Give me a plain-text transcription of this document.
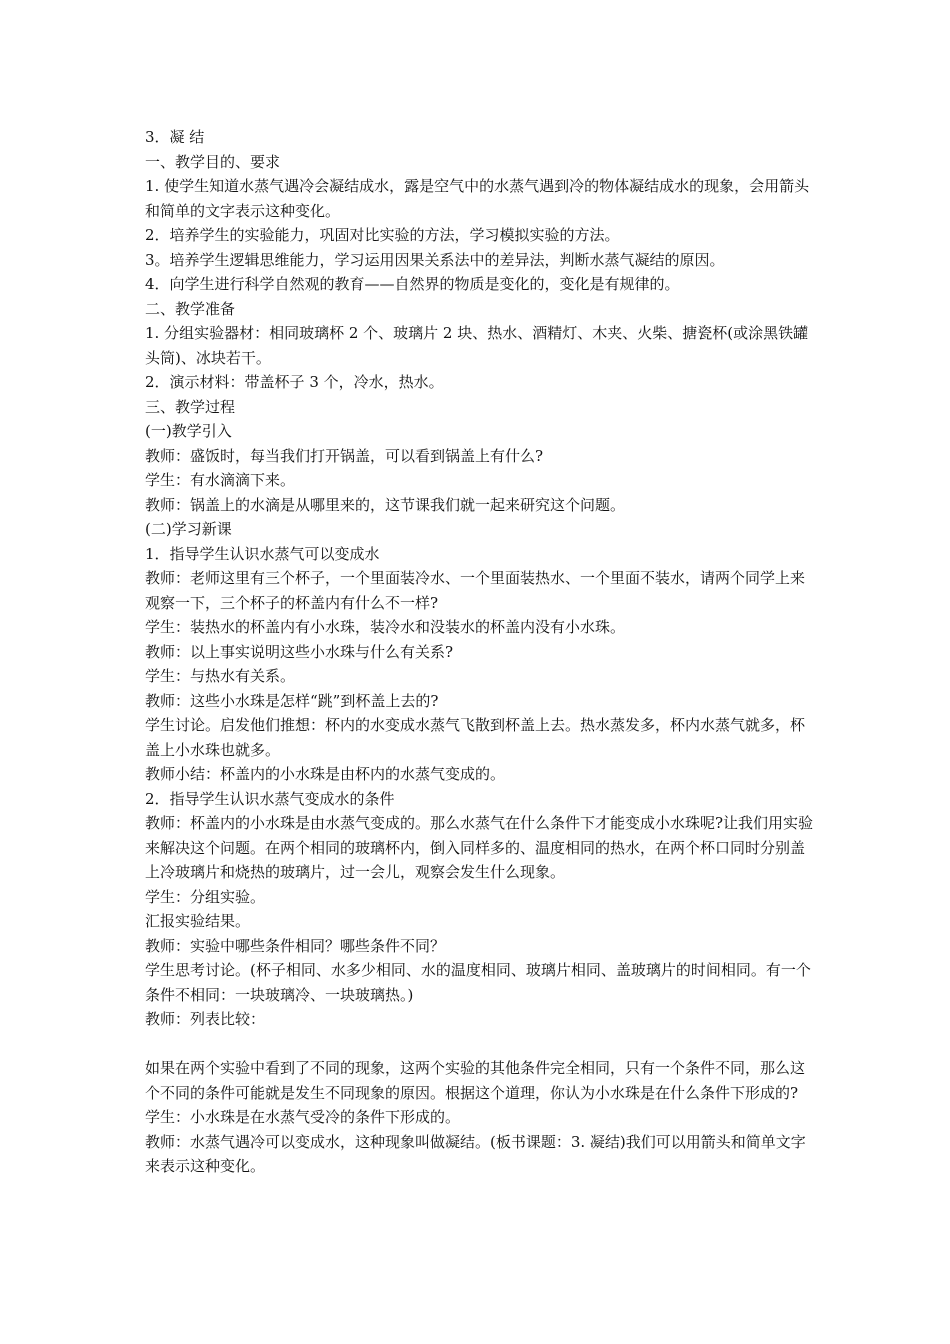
3．凝 结

一、教学目的、要求

1. 使学生知道水蒸气遇冷会凝结成水，露是空气中的水蒸气遇到冷的物体凝结成水的现象，会用箭头和简单的文字表示这种变化。

2．培养学生的实验能力，巩固对比实验的方法，学习模拟实验的方法。

3。培养学生逻辑思维能力，学习运用因果关系法中的差异法，判断水蒸气凝结的原因。

4．向学生进行科学自然观的教育——自然界的物质是变化的，变化是有规律的。

二、教学准备

1. 分组实验器材：相同玻璃杯 2 个、玻璃片 2 块、热水、酒精灯、木夹、火柴、搪瓷杯(或涂黑铁罐头筒)、冰块若干。

2．演示材料：带盖杯子 3 个，冷水，热水。

三、教学过程

(一)教学引入

教师：盛饭时，每当我们打开锅盖，可以看到锅盖上有什么?

学生：有水滴滴下来。

教师：锅盖上的水滴是从哪里来的，这节课我们就一起来研究这个问题。

(二)学习新课

1．指导学生认识水蒸气可以变成水

教师：老师这里有三个杯子，一个里面装冷水、一个里面装热水、一个里面不装水，请两个同学上来观察一下，三个杯子的杯盖内有什么不一样?

学生：装热水的杯盖内有小水珠，装冷水和没装水的杯盖内没有小水珠。

教师：以上事实说明这些小水珠与什么有关系?

学生：与热水有关系。

教师：这些小水珠是怎样“跳”到杯盖上去的?

学生讨论。启发他们推想：杯内的水变成水蒸气飞散到杯盖上去。热水蒸发多，杯内水蒸气就多，杯盖上小水珠也就多。

教师小结：杯盖内的小水珠是由杯内的水蒸气变成的。

2．指导学生认识水蒸气变成水的条件

教师：杯盖内的小水珠是由水蒸气变成的。那么水蒸气在什么条件下才能变成小水珠呢?让我们用实验来解决这个问题。在两个相同的玻璃杯内，倒入同样多的、温度相同的热水，在两个杯口同时分别盖上冷玻璃片和烧热的玻璃片，过一会儿，观察会发生什么现象。

学生：分组实验。

汇报实验结果。

教师：实验中哪些条件相同？哪些条件不同？

学生思考讨论。(杯子相同、水多少相同、水的温度相同、玻璃片相同、盖玻璃片的时间相同。有一个条件不相同：一块玻璃冷、一块玻璃热。)

教师：列表比较：

如果在两个实验中看到了不同的现象，这两个实验的其他条件完全相同，只有一个条件不同，那么这个不同的条件可能就是发生不同现象的原因。根据这个道理，你认为小水珠是在什么条件下形成的?

学生：小水珠是在水蒸气受冷的条件下形成的。

教师：水蒸气遇冷可以变成水，这种现象叫做凝结。(板书课题：3. 凝结)我们可以用箭头和简单文字来表示这种变化。
